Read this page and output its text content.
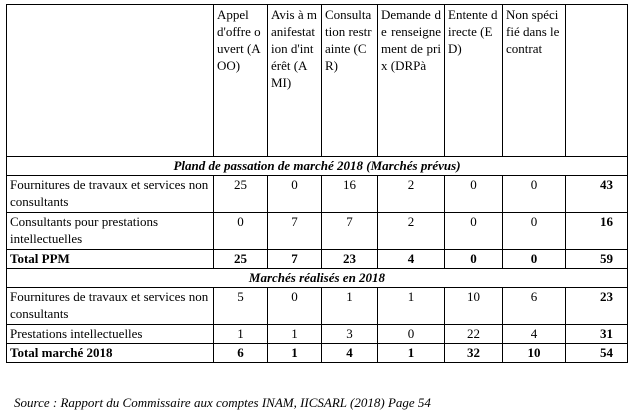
	Appel d'offre ouvert (AOO)	Avis à manifestation d'intérêt (AMI)	Consultation restrainte (CR)	Demande de renseignement de prix (DRPà	Entente directe (ED)	Non spécifié dans le contrat	
Pland de passation de marché 2018 (Marchés prévus)							
Fournitures de travaux et services non consultants	25	0	16	2	0	0	43
Consultants pour prestations intellectuelles	0	7	7	2	0	0	16
Total PPM	25	7	23	4	0	0	59
Marchés réalisés en 2018							
Fournitures de travaux et services non consultants	5	0	1	1	10	6	23
Prestations intellectuelles	1	1	3	0	22	4	31
Total marché 2018	6	1	4	1	32	10	54
Source : Rapport du Commissaire aux comptes INAM, IICSARL (2018) Page 54
